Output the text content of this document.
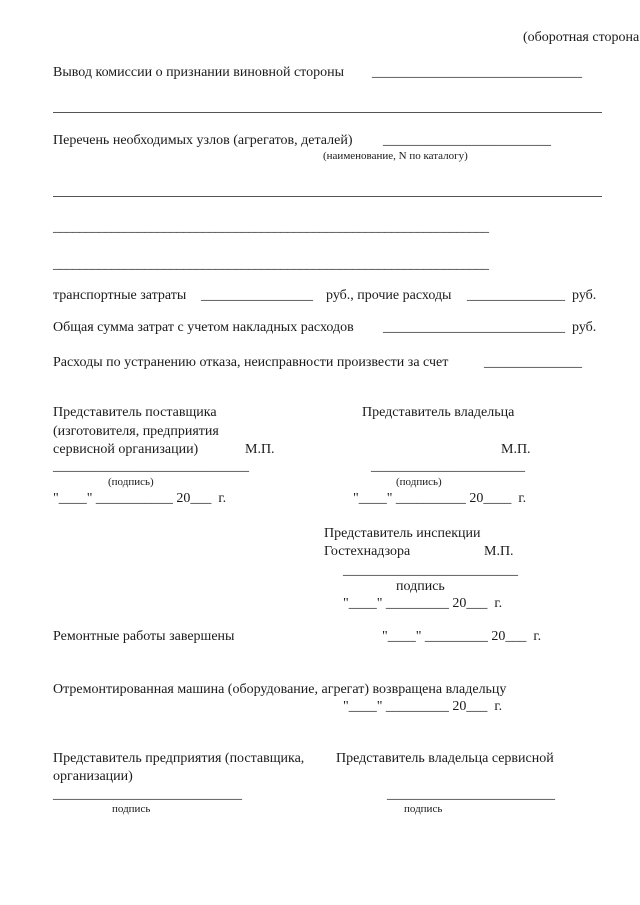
(оборотная сторона
Вывод комиссии о признании виновной стороны ______________________________
Перечень необходимых узлов (агрегатов, деталей) ________________________
(наименование, N по каталогу)
___________________________________________________________________
___________________________________________________________________
транспортные затраты ________________ руб., прочие расходы ______________ руб.
Общая сумма затрат с учетом накладных расходов __________________________ руб.
Расходы по устранению отказа, неисправности произвести за счет	______________
Представитель поставщика
(изготовителя, предприятия
сервисной организации)	М.П.
____________________________
(подпись)
"____" ___________ 20___  г.
Представитель владельца
М.П.
______________________
(подпись)
"____" __________ 20____  г.
Представитель инспекции
Гостехнадзора	М.П.
_________________________
подпись
"____" _________ 20___  г.
Ремонтные работы завершены	"____" _________ 20___  г.
Отремонтированная машина (оборудование, агрегат) возвращена владельцу
"____" _________ 20___  г.
Представитель предприятия (поставщика,
организации)
Представитель владельца сервисной
___________________________
подпись
________________________
подпись
